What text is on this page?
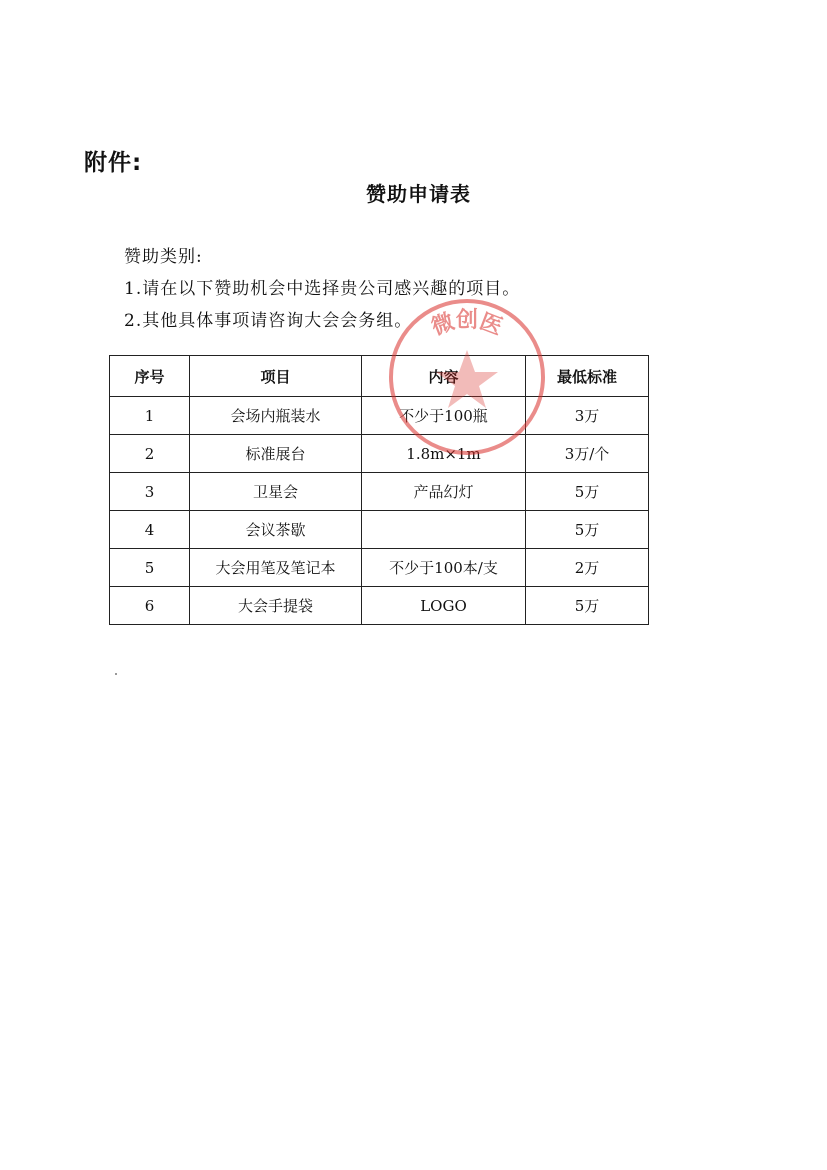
附件:
赞助申请表
赞助类别:
1.请在以下赞助机会中选择贵公司感兴趣的项目。
2.其他具体事项请咨询大会会务组。
序号	项目	内容	最低标准
1	会场内瓶装水	不少于100瓶	3万
2	标准展台	1.8m×1m	3万/个
3	卫星会	产品幻灯	5万
4	会议茶歇		5万
5	大会用笔及笔记本	不少于100本/支	2万
6	大会手提袋	LOGO	5万
微创医
